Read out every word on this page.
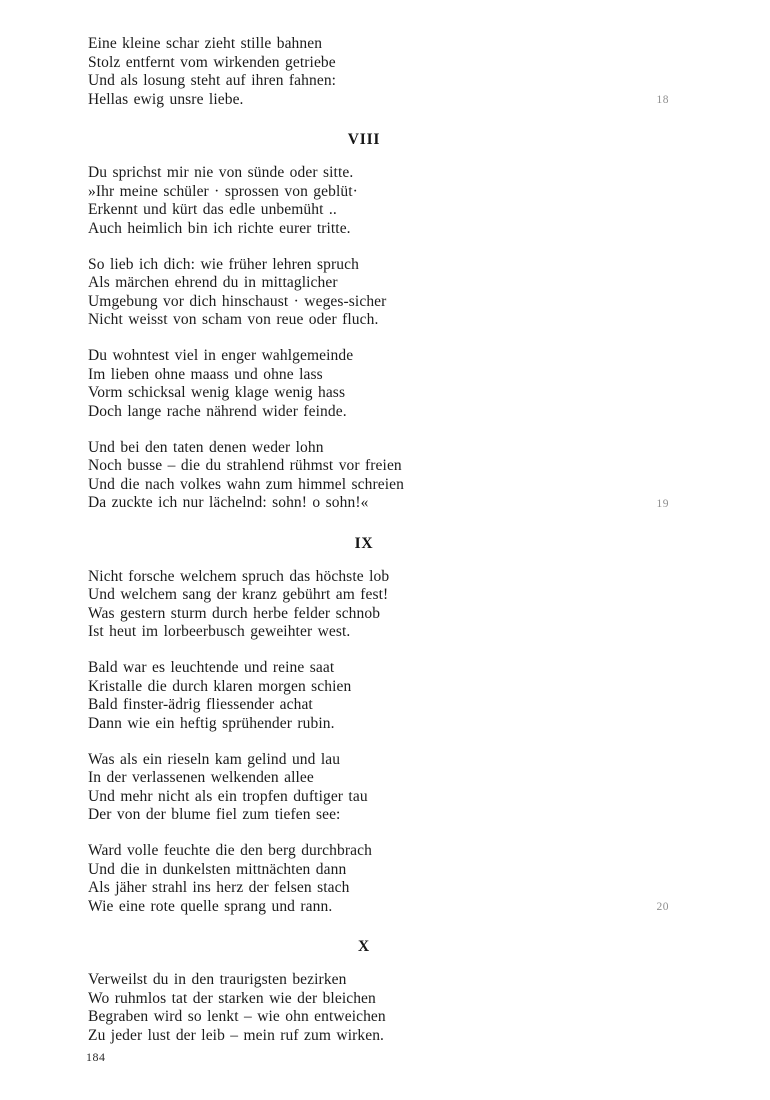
Eine kleine schar zieht stille bahnen
Stolz entfernt vom wirkenden getriebe
Und als losung steht auf ihren fahnen:
Hellas ewig unsre liebe.	18
VIII
Du sprichst mir nie von sünde oder sitte.
»Ihr meine schüler · sprossen von geblüt·
Erkennt und kürt das edle unbemüht ..
Auch heimlich bin ich richte eurer tritte.
So lieb ich dich: wie früher lehren spruch
Als märchen ehrend du in mittaglicher
Umgebung vor dich hinschaust · weges-sicher
Nicht weisst von scham von reue oder fluch.
Du wohntest viel in enger wahlgemeinde
Im lieben ohne maass und ohne lass
Vorm schicksal wenig klage wenig hass
Doch lange rache nährend wider feinde.
Und bei den taten denen weder lohn
Noch busse – die du strahlend rühmst vor freien
Und die nach volkes wahn zum himmel schreien
Da zuckte ich nur lächelnd: sohn! o sohn!«	19
IX
Nicht forsche welchem spruch das höchste lob
Und welchem sang der kranz gebührt am fest!
Was gestern sturm durch herbe felder schnob
Ist heut im lorbeerbusch geweihter west.
Bald war es leuchtende und reine saat
Kristalle die durch klaren morgen schien
Bald finster-ädrig fliessender achat
Dann wie ein heftig sprühender rubin.
Was als ein rieseln kam gelind und lau
In der verlassenen welkenden allee
Und mehr nicht als ein tropfen duftiger tau
Der von der blume fiel zum tiefen see:
Ward volle feuchte die den berg durchbrach
Und die in dunkelsten mittnächten dann
Als jäher strahl ins herz der felsen stach
Wie eine rote quelle sprang und rann.	20
X
Verweilst du in den traurigsten bezirken
Wo ruhmlos tat der starken wie der bleichen
Begraben wird so lenkt – wie ohn entweichen
Zu jeder lust der leib – mein ruf zum wirken.
184
